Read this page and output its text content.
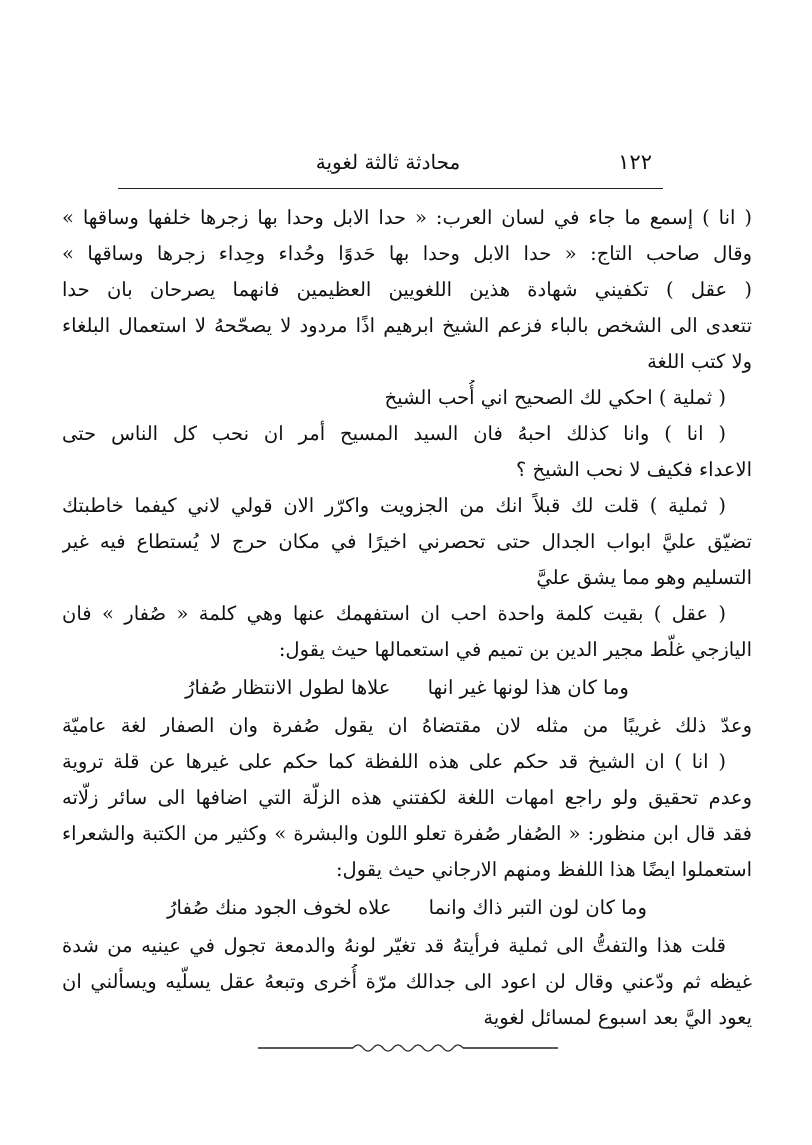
١٢٢
محادثة ثالثة لغوية
( انا ) إسمع ما جاء في لسان العرب: « حدا الابل وحدا بها زجرها خلفها وساقها »
وقال صاحب التاج: « حدا الابل وحدا بها حَدوًا وحُداء وحِداء زجرها وساقها »
( عقل ) تكفيني شهادة هذين اللغويين العظيمين فانهما يصرحان بان حدا
تتعدى الى الشخص بالباء فزعم الشيخ ابرهيم اذًا مردود لا يصحّحهُ لا استعمال البلغاء
ولا كتب اللغة
( ثملية ) احكي لك الصحيح اني أُحب الشيخ
( انا ) وانا كذلك احبهُ فان السيد المسيح أمر ان نحب كل الناس حتى
الاعداء فكيف لا نحب الشيخ ؟
( ثملية ) قلت لك قبلاً انك من الجزويت واكرّر الان قولي لاني كيفما خاطبتك
تضيّق عليَّ ابواب الجدال حتى تحصرني اخيرًا في مكان حرج لا يُستطاع فيه غير
التسليم وهو مما يشق عليَّ
( عقل ) بقيت كلمة واحدة احب ان استفهمك عنها وهي كلمة « صُفار » فان
اليازجي غلّط مجير الدين بن تميم في استعمالها حيث يقول:
وما كان هذا لونها غير انها      علاها لطول الانتظار صُفارُ
وعدّ ذلك غريبًا من مثله لان مقتضاهُ ان يقول صُفرة وان الصفار لغة عاميّة
( انا ) ان الشيخ قد حكم على هذه اللفظة كما حكم على غيرها عن قلة تروية
وعدم تحقيق ولو راجع امهات اللغة لكفتني هذه الزلّة التي اضافها الى سائر زلّاته
فقد قال ابن منظور: « الصُفار صُفرة تعلو اللون والبشرة » وكثير من الكتبة والشعراء
استعملوا ايضًا هذا اللفظ ومنهم الارجاني حيث يقول:
وما كان لون التبر ذاك وانما      علاه لخوف الجود منك صُفارُ
قلت هذا والتفتُّ الى ثملية فرأيتهُ قد تغيّر لونهُ والدمعة تجول في عينيه من شدة
غيظه ثم ودّعني وقال لن اعود الى جدالك مرّة أُخرى وتبعهُ عقل يسلّيه ويسألني ان
يعود اليَّ بعد اسبوع لمسائل لغوية
